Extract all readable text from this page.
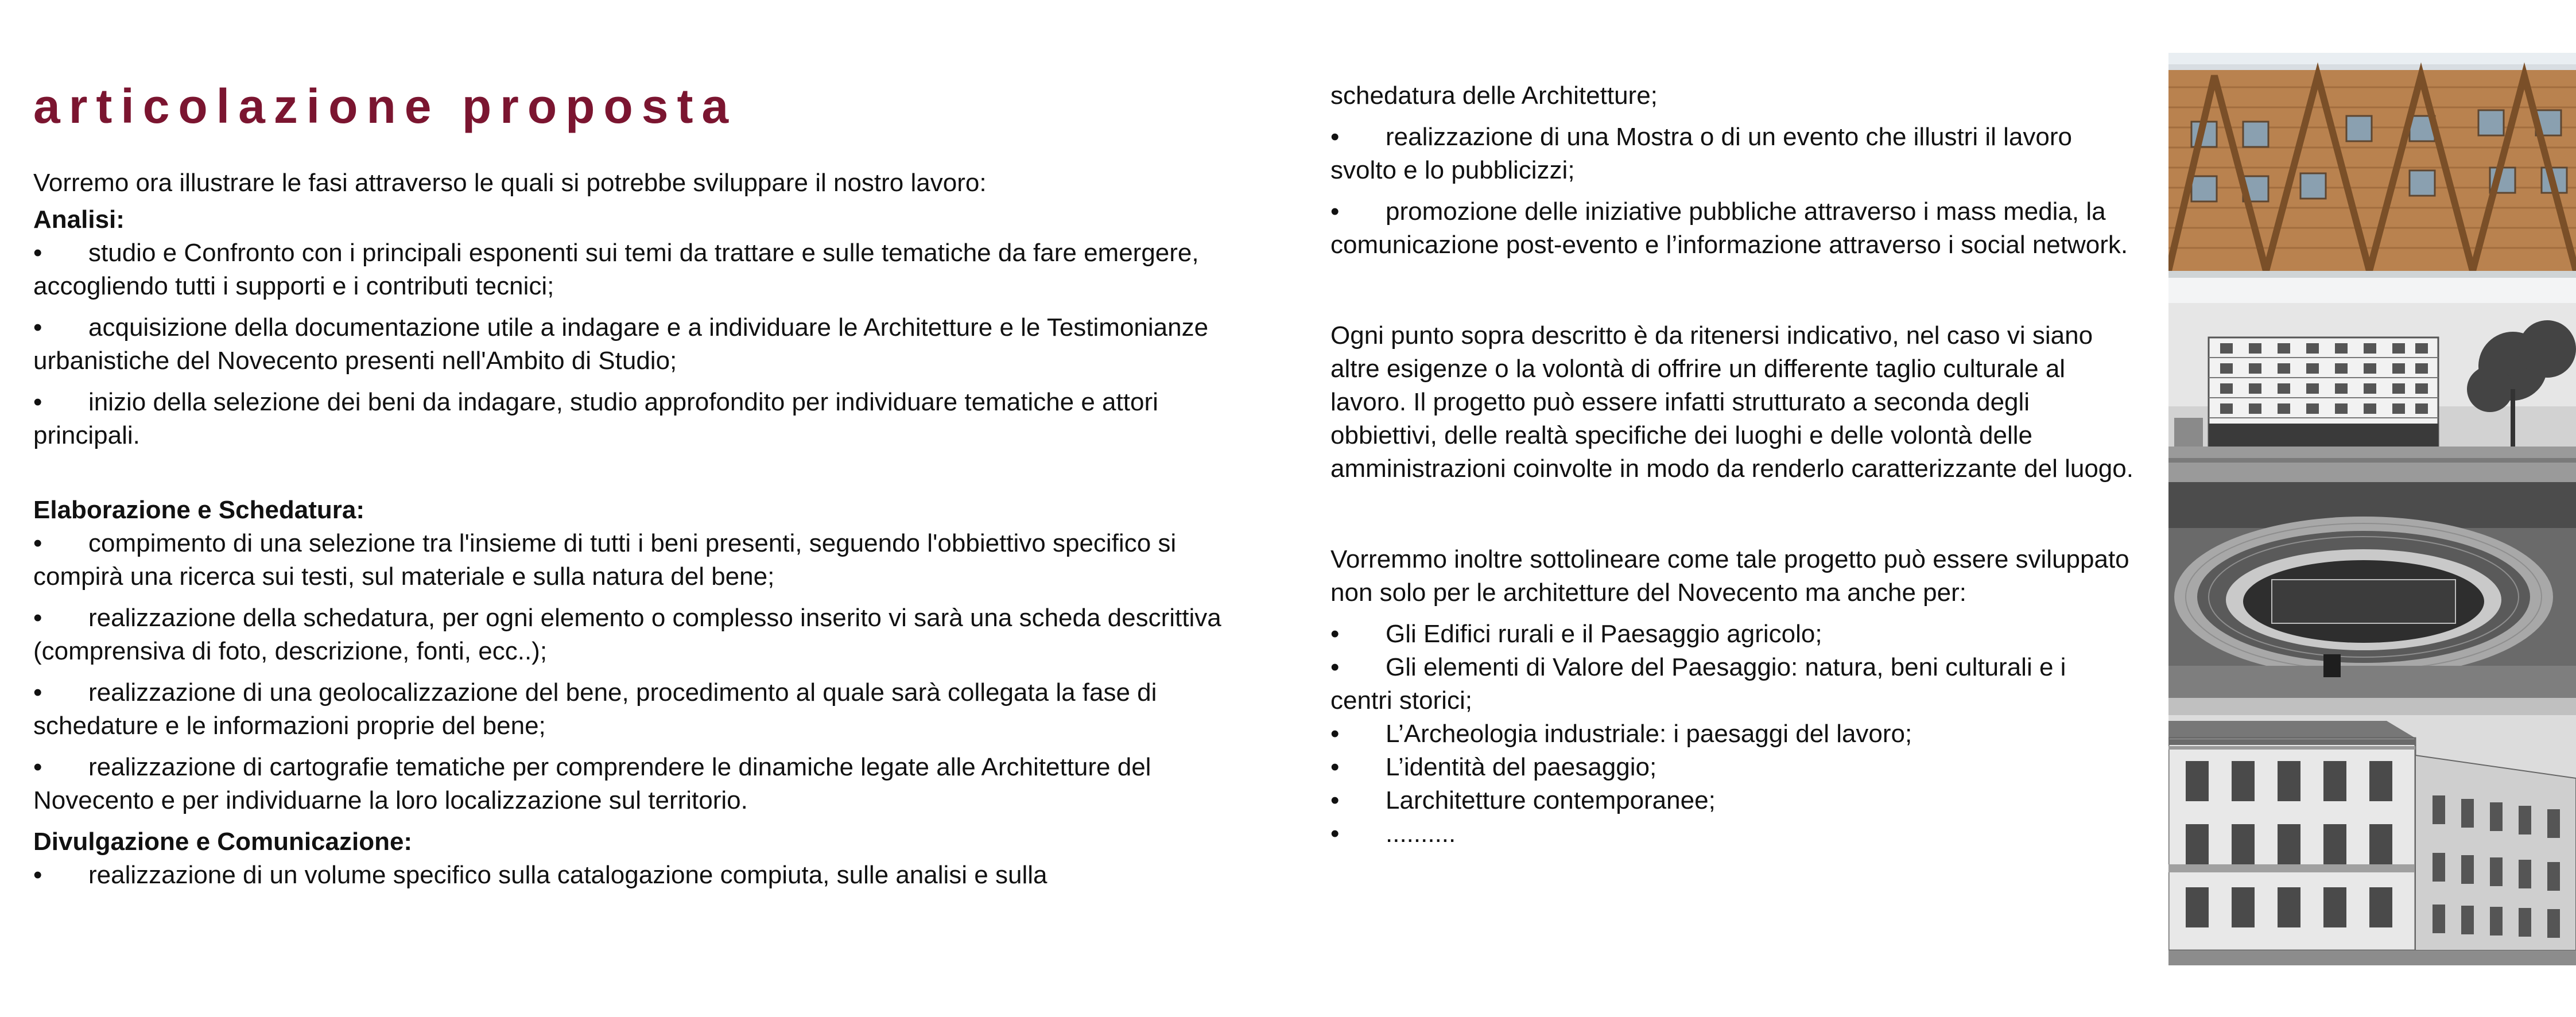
articolazione proposta

Vorremo ora illustrare le fasi attraverso le quali si potrebbe sviluppare il nostro lavoro:

Analisi:
• studio e Confronto con i principali esponenti sui temi da trattare e sulle tematiche da fare emergere, accogliendo tutti i supporti e i contributi tecnici;
• acquisizione della documentazione utile a indagare e a individuare le Architetture e le Testimonianze urbanistiche del Novecento presenti nell'Ambito di Studio;
• inizio della selezione dei beni da indagare, studio approfondito per individuare tematiche e attori principali.
Elaborazione e Schedatura:
• compimento di una selezione tra l'insieme di tutti i beni presenti, seguendo l'obbiettivo specifico si compirà una ricerca sui testi, sul materiale e sulla natura del bene;
• realizzazione della schedatura, per ogni elemento o complesso inserito vi sarà una scheda descrittiva (comprensiva di foto, descrizione, fonti, ecc..);
• realizzazione di una geolocalizzazione del bene, procedimento al quale sarà collegata la fase di schedature e le informazioni proprie del bene;
• realizzazione di cartografie tematiche per comprendere le dinamiche legate alle Architetture del Novecento e per individuarne la loro localizzazione sul territorio.
Divulgazione e Comunicazione:
• realizzazione di un volume specifico sulla catalogazione compiuta, sulle analisi e sulla

schedatura delle Architetture;

• realizzazione di una Mostra o di un evento che illustri il lavoro svolto e lo pubblicizzi;
• promozione delle iniziative pubbliche attraverso i mass media, la comunicazione post-evento e l’informazione attraverso i social network.

Ogni punto sopra descritto è da ritenersi indicativo, nel caso vi siano altre esigenze o la volontà di offrire un differente taglio culturale al lavoro. Il progetto può essere infatti strutturato a seconda degli obbiettivi, delle realtà specifiche dei luoghi e delle volontà delle amministrazioni coinvolte in modo da renderlo caratterizzante del luogo.

Vorremmo inoltre sottolineare come tale progetto può essere sviluppato non solo per le architetture del Novecento ma anche per:

• Gli Edifici rurali e il Paesaggio agricolo;
• Gli elementi di Valore del Paesaggio: natura, beni culturali e i centri storici;
• L’Archeologia industriale: i paesaggi del lavoro;
• L’identità del paesaggio;
• Larchitetture contemporanee;
• ..........
